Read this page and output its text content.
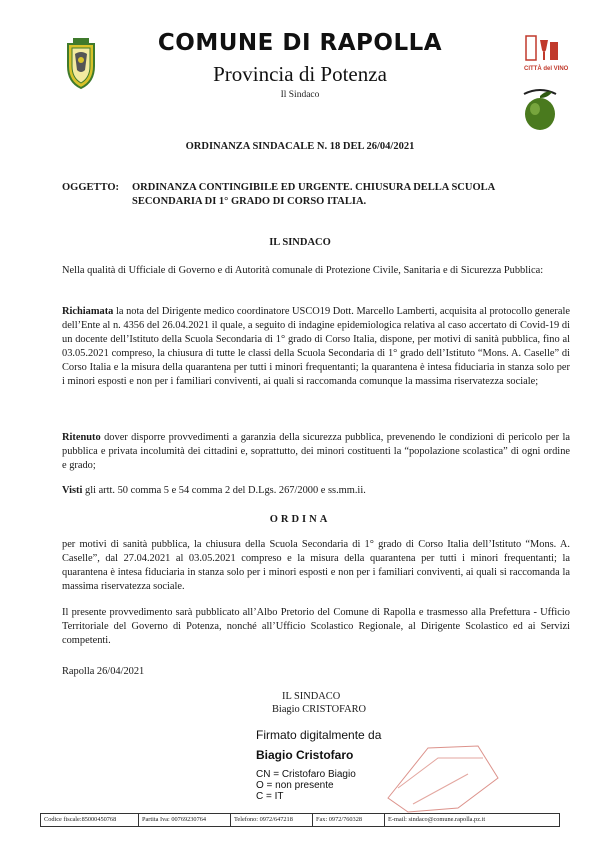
CITTÀ del VINO
COMUNE DI RAPOLLA
Provincia di Potenza
Il Sindaco
ORDINANZA SINDACALE N. 18 DEL 26/04/2021
OGGETTO: ORDINANZA CONTINGIBILE ED URGENTE. CHIUSURA DELLA SCUOLA SECONDARIA DI 1° GRADO DI CORSO ITALIA.
IL SINDACO
Nella qualità di Ufficiale di Governo e di Autorità comunale di Protezione Civile, Sanitaria e di Sicurezza Pubblica:
Richiamata la nota del Dirigente medico coordinatore USCO19 Dott. Marcello Lamberti, acquisita al protocollo generale dell’Ente al n. 4356 del 26.04.2021 il quale, a seguito di indagine epidemiologica relativa al caso accertato di Covid-19 di un docente dell’Istituto della Scuola Secondaria di 1° grado di Corso Italia, dispone, per motivi di sanità pubblica, fino al 03.05.2021 compreso, la chiusura di tutte le classi della Scuola Secondaria di 1° grado dell’Istituto “Mons. A. Caselle” di Corso Italia e la misura della quarantena per tutti i minori frequentanti; la quarantena è intesa fiduciaria in stanza solo per i minori esposti e non per i familiari conviventi, ai quali si raccomanda comunque la massima riservatezza sociale;
Ritenuto dover disporre provvedimenti a garanzia della sicurezza pubblica, prevenendo le condizioni di pericolo per la pubblica e privata incolumità dei cittadini e, soprattutto, dei minori costituenti la “popolazione scolastica” di ogni ordine e grado;
Visti gli artt. 50 comma 5 e 54 comma 2 del D.Lgs. 267/2000 e ss.mm.ii.
ORDINA
per motivi di sanità pubblica, la chiusura della Scuola Secondaria di 1° grado di Corso Italia dell’Istituto “Mons. A. Caselle”, dal 27.04.2021 al 03.05.2021 compreso e la misura della quarantena per tutti i minori frequentanti; la quarantena è intesa fiduciaria in stanza solo per i minori esposti e non per i familiari conviventi, ai quali si raccomanda la massima riservatezza sociale.
Il presente provvedimento sarà pubblicato all’Albo Pretorio del Comune di Rapolla e trasmesso alla Prefettura - Ufficio Territoriale del Governo di Potenza, nonché all’Ufficio Scolastico Regionale, al Dirigente Scolastico ed ai Servizi competenti.
Rapolla 26/04/2021
IL SINDACO
Biagio CRISTOFARO
Firmato digitalmente da
Biagio Cristofaro
CN = Cristofaro Biagio
O = non presente
C = IT
Codice fiscale:85000450768	Partita Iva: 00769230764	Telefono: 0972/647218	Fax: 0972/760328	E-mail: sindaco@comune.rapolla.pz.it
